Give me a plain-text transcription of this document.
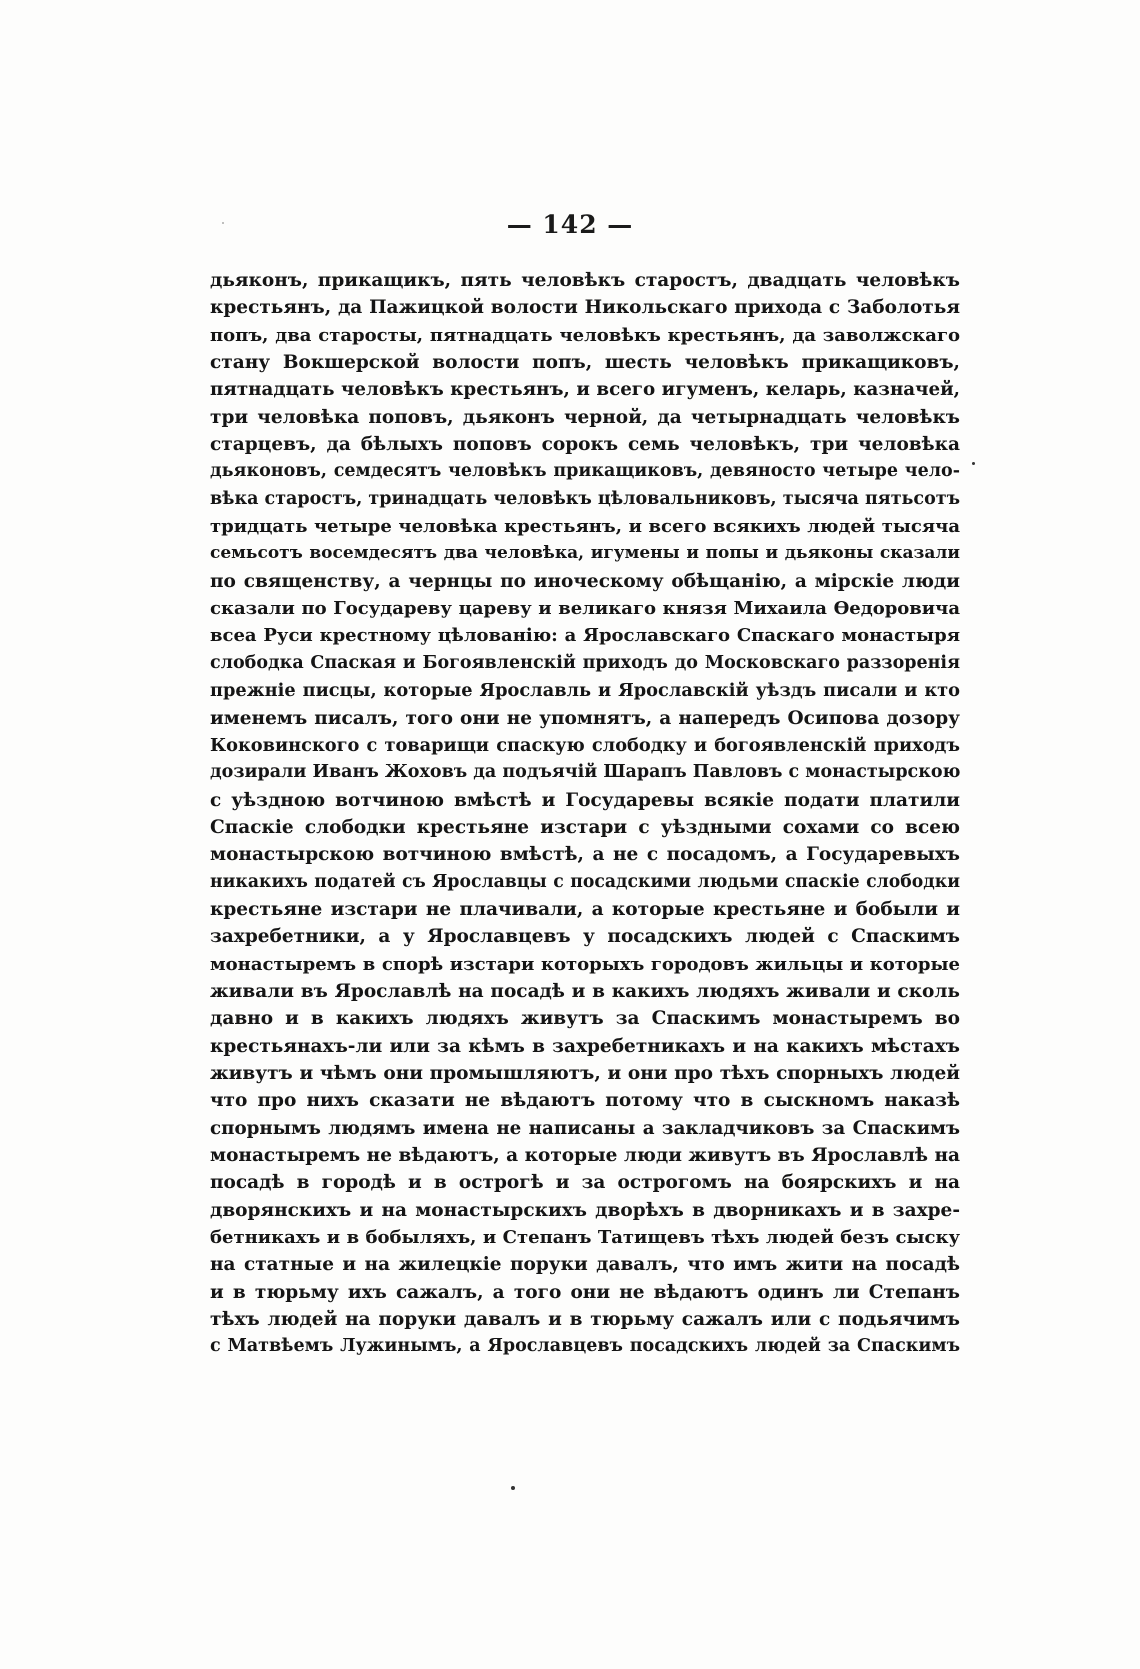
— 142 —
дьяконъ, прикащикъ, пять человѣкъ старостъ, двадцать человѣкъ
крестьянъ, да Пажицкой волости Никольскаго прихода с Заболотья
попъ, два старосты, пятнадцать человѣкъ крестьянъ, да заволжскаго
стану Вокшерской волости попъ, шесть человѣкъ прикащиковъ,
пятнадцать человѣкъ крестьянъ, и всего игуменъ, келарь, казначей,
три человѣка поповъ, дьяконъ черной, да четырнадцать человѣкъ
старцевъ, да бѣлыхъ поповъ сорокъ семь человѣкъ, три человѣка
дьяконовъ, семдесятъ человѣкъ прикащиковъ, девяносто четыре чело-
вѣка старостъ, тринадцать человѣкъ цѣловальниковъ, тысяча пятьсотъ
тридцать четыре человѣка крестьянъ, и всего всякихъ людей тысяча
семьсотъ восемдесятъ два человѣка, игумены и попы и дьяконы сказали
по священству, а чернцы по иноческому обѣщанiю, а мiрскiе люди
сказали по Государеву цареву и великаго князя Михаила Ѳедоровича
всеа Руси крестному цѣлованiю: а Ярославскаго Спаскаго монастыря
слободка Спаская и Богоявленскiй приходъ до Московскаго раззоренiя
прежнiе писцы, которые Ярославль и Ярославскiй уѣздъ писали и кто
именемъ писалъ, того они не упомнятъ, а напередъ Осипова дозору
Коковинского с товарищи спаскую слободку и богоявленскiй приходъ
дозирали Иванъ Жоховъ да подъячiй Шарапъ Павловъ с монастырскою
с уѣздною вотчиною вмѣстѣ и Государевы всякiе подати платили
Спаскiе слободки крестьяне изстари с уѣздными сохами со всею
монастырскою вотчиною вмѣстѣ, а не с посадомъ, а Государевыхъ
никакихъ податей съ Ярославцы с посадскими людьми спаскiе слободки
крестьяне изстари не плачивали, а которые крестьяне и бобыли и
захребетники, а у Ярославцевъ у посадскихъ людей с Спаскимъ
монастыремъ в спорѣ изстари которыхъ городовъ жильцы и которые
живали въ Ярославлѣ на посадѣ и в какихъ людяхъ живали и сколь
давно и в какихъ людяхъ живутъ за Спаскимъ монастыремъ во
крестьянахъ-ли или за кѣмъ в захребетникахъ и на какихъ мѣстахъ
живутъ и чѣмъ они промышляютъ, и они про тѣхъ спорныхъ людей
что про нихъ сказати не вѣдаютъ потому что в сыскномъ наказѣ
спорнымъ людямъ имена не написаны а закладчиковъ за Спаскимъ
монастыремъ не вѣдаютъ, а которые люди живутъ въ Ярославлѣ на
посадѣ в городѣ и в острогѣ и за острогомъ на боярскихъ и на
дворянскихъ и на монастырскихъ дворѣхъ в дворникахъ и в захре-
бетникахъ и в бобыляхъ, и Степанъ Татищевъ тѣхъ людей безъ сыску
на статные и на жилецкiе поруки давалъ, что имъ жити на посадѣ
и в тюрьму ихъ сажалъ, а того они не вѣдаютъ одинъ ли Степанъ
тѣхъ людей на поруки давалъ и в тюрьму сажалъ или с подьячимъ
с Матвѣемъ Лужинымъ, а Ярославцевъ посадскихъ людей за Спаскимъ
